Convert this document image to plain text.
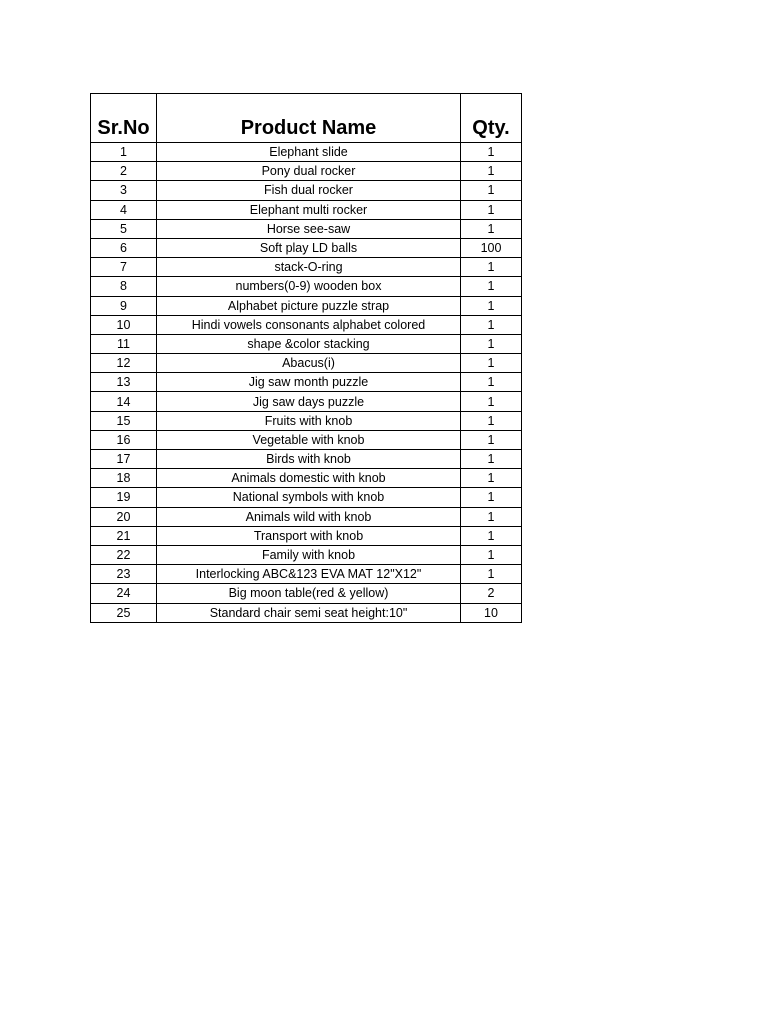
Sr.No	Product Name	Qty.
1	Elephant slide	1
2	Pony dual rocker	1
3	Fish dual rocker	1
4	Elephant multi rocker	1
5	Horse see-saw	1
6	Soft play LD balls	100
7	stack-O-ring	1
8	numbers(0-9) wooden box	1
9	Alphabet picture puzzle strap	1
10	Hindi vowels consonants alphabet colored	1
11	shape &color stacking	1
12	Abacus(i)	1
13	Jig saw month puzzle	1
14	Jig saw days puzzle	1
15	Fruits with knob	1
16	Vegetable with knob	1
17	Birds with knob	1
18	Animals domestic with knob	1
19	National symbols with knob	1
20	Animals wild with knob	1
21	Transport with knob	1
22	Family with knob	1
23	Interlocking ABC&123 EVA MAT 12"X12"	1
24	Big moon table(red & yellow)	2
25	Standard chair semi seat height:10"	10
